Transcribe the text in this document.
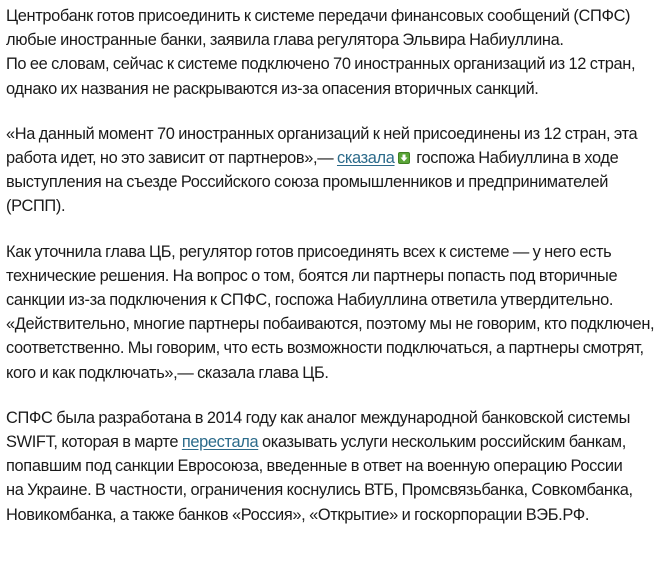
Центробанк готов присоединить к системе передачи финансовых сообщений (СПФС)
любые иностранные банки, заявила глава регулятора Эльвира Набиуллина.
По ее словам, сейчас к системе подключено 70 иностранных организаций из 12 стран,
однако их названия не раскрываются из-за опасения вторичных санкций.

«На данный момент 70 иностранных организаций к ней присоединены из 12 стран, эта
работа идет, но это зависит от партнеров»,— сказала госпожа Набиуллина в ходе
выступления на съезде Российского союза промышленников и предпринимателей
(РСПП).

Как уточнила глава ЦБ, регулятор готов присоединять всех к системе — у него есть
технические решения. На вопрос о том, боятся ли партнеры попасть под вторичные
санкции из-за подключения к СПФС, госпожа Набиуллина ответила утвердительно.
«Действительно, многие партнеры побаиваются, поэтому мы не говорим, кто подключен,
соответственно. Мы говорим, что есть возможности подключаться, а партнеры смотрят,
кого и как подключать»,— сказала глава ЦБ.

СПФС была разработана в 2014 году как аналог международной банковской системы
SWIFT, которая в марте перестала оказывать услуги нескольким российским банкам,
попавшим под санкции Евросоюза, введенные в ответ на военную операцию России
на Украине. В частности, ограничения коснулись ВТБ, Промсвязьбанка, Совкомбанка,
Новикомбанка, а также банков «Россия», «Открытие» и госкорпорации ВЭБ.РФ.
